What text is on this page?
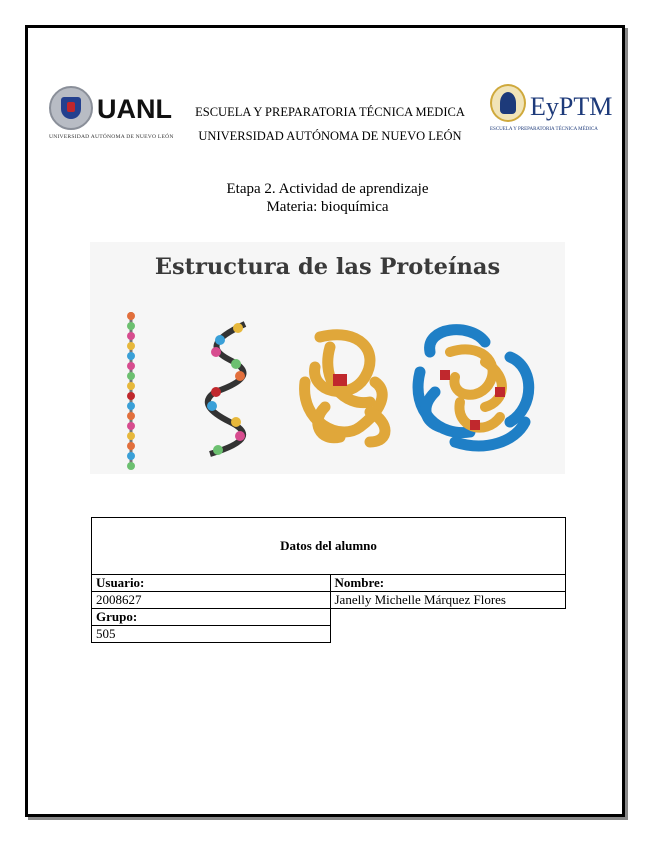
UANL
UNIVERSIDAD AUTÓNOMA DE NUEVO LEÓN
EyPTM
ESCUELA Y PREPARATORIA TÉCNICA MÉDICA
ESCUELA Y PREPARATORIA TÉCNICA MEDICA
UNIVERSIDAD AUTÓNOMA DE NUEVO LEÓN
Etapa 2. Actividad de aprendizaje
Materia: bioquímica
Estructura de las Proteínas
Datos del alumno	
Usuario:	Nombre:
2008627	Janelly Michelle Márquez Flores
Grupo:	
505	
